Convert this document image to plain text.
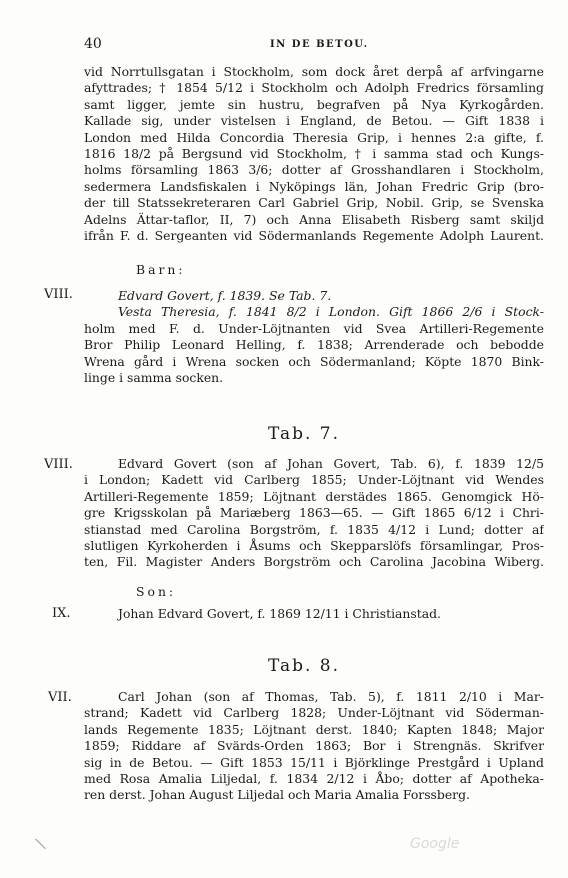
40	IN DE BETOU.
vid Norrtullsgatan i Stockholm, som dock året derpå af arfvingarne
afyttrades; † 1854 5/12 i Stockholm och Adolph Fredrics församling
samt ligger, jemte sin hustru, begrafven på Nya Kyrkogården.
Kallade sig, under vistelsen i England, de Betou. — Gift 1838 i
London med Hilda Concordia Theresia Grip, i hennes 2:a gifte, f.
1816 18/2 på Bergsund vid Stockholm, † i samma stad och Kungs-
holms församling 1863 3/6; dotter af Grosshandlaren i Stockholm,
sedermera Landsfiskalen i Nyköpings län, Johan Fredric Grip (bro-
der till Statssekreteraren Carl Gabriel Grip, Nobil. Grip, se Svenska
Adelns Ättar-taflor, II, 7) och Anna Elisabeth Risberg samt skiljd
ifrån F. d. Sergeanten vid Södermanlands Regemente Adolph Laurent.
Barn:
VIII.	Edvard Govert, f. 1839. Se Tab. 7.
Vesta Theresia, f. 1841 8/2 i London. Gift 1866 2/6 i Stock-
holm med F. d. Under-Löjtnanten vid Svea Artilleri-Regemente
Bror Philip Leonard Helling, f. 1838; Arrenderade och bebodde
Wrena gård i Wrena socken och Södermanland; Köpte 1870 Bink-
linge i samma socken.
Tab. 7.
VIII.	Edvard Govert (son af Johan Govert, Tab. 6), f. 1839 12/5
i London; Kadett vid Carlberg 1855; Under-Löjtnant vid Wendes
Artilleri-Regemente 1859; Löjtnant derstädes 1865. Genomgick Hö-
gre Krigsskolan på Mariæberg 1863—65. — Gift 1865 6/12 i Chri-
stianstad med Carolina Borgström, f. 1835 4/12 i Lund; dotter af
slutligen Kyrkoherden i Åsums och Skepparslöfs församlingar, Pros-
ten, Fil. Magister Anders Borgström och Carolina Jacobina Wiberg.
Son:
IX.	Johan Edvard Govert, f. 1869 12/11 i Christianstad.
Tab. 8.
VII.	Carl Johan (son af Thomas, Tab. 5), f. 1811 2/10 i Mar-
strand; Kadett vid Carlberg 1828; Under-Löjtnant vid Söderman-
lands Regemente 1835; Löjtnant derst. 1840; Kapten 1848; Major
1859; Riddare af Svärds-Orden 1863; Bor i Strengnäs. Skrifver
sig in de Betou. — Gift 1853 15/11 i Björklinge Prestgård i Upland
med Rosa Amalia Liljedal, f. 1834 2/12 i Åbo; dotter af Apotheka-
ren derst. Johan August Liljedal och Maria Amalia Forssberg.
Google
